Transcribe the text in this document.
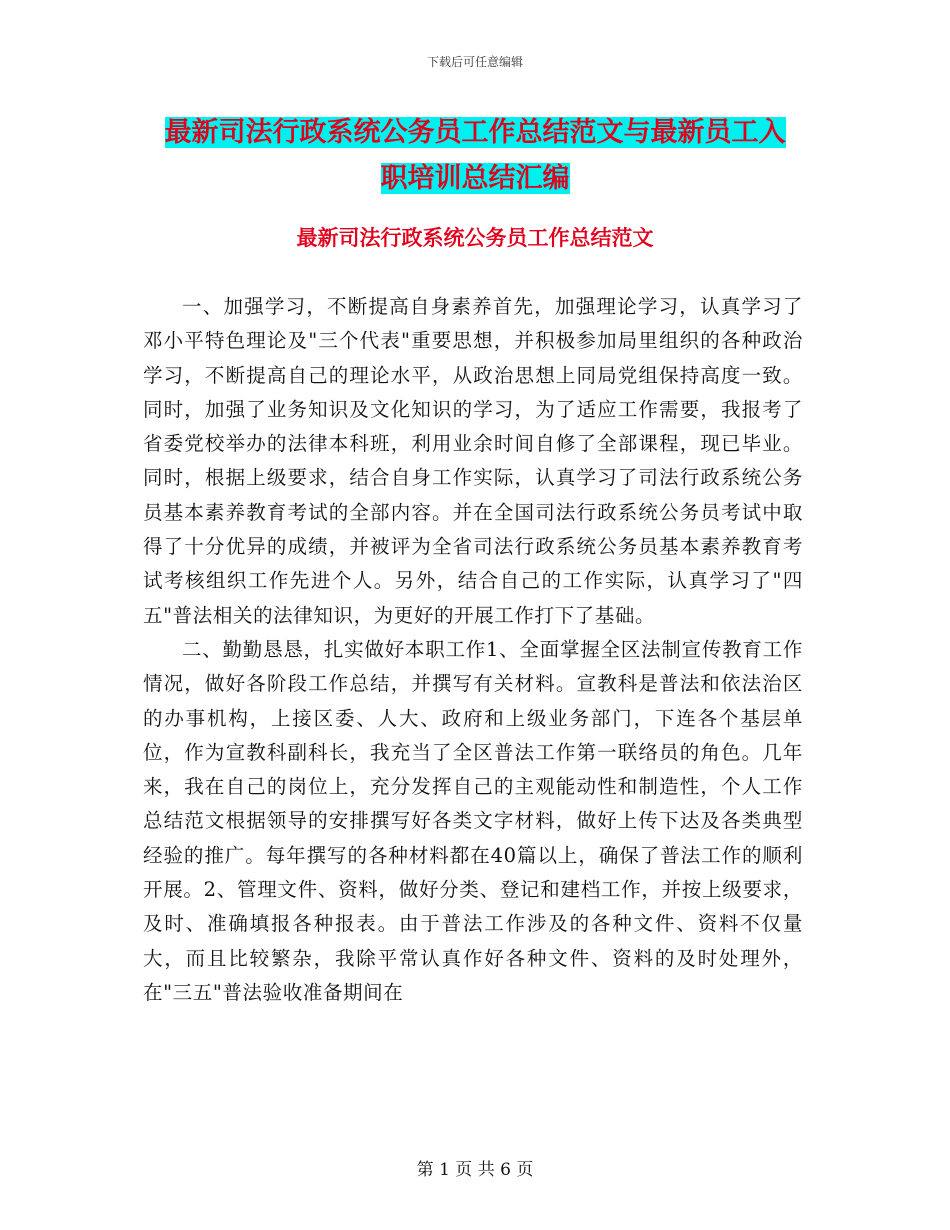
下载后可任意编辑
最新司法行政系统公务员工作总结范文与最新员工入
职培训总结汇编
最新司法行政系统公务员工作总结范文

一、加强学习，不断提高自身素养首先，加强理论学习，认真学习了邓小平特色理论及"三个代表"重要思想，并积极参加局里组织的各种政治学习，不断提高自己的理论水平，从政治思想上同局党组保持高度一致。同时，加强了业务知识及文化知识的学习，为了适应工作需要，我报考了省委党校举办的法律本科班，利用业余时间自修了全部课程，现已毕业。同时，根据上级要求，结合自身工作实际，认真学习了司法行政系统公务员基本素养教育考试的全部内容。并在全国司法行政系统公务员考试中取得了十分优异的成绩，并被评为全省司法行政系统公务员基本素养教育考试考核组织工作先进个人。另外，结合自己的工作实际，认真学习了"四五"普法相关的法律知识，为更好的开展工作打下了基础。

二、勤勤恳恳，扎实做好本职工作1、全面掌握全区法制宣传教育工作情况，做好各阶段工作总结，并撰写有关材料。宣教科是普法和依法治区的办事机构，上接区委、人大、政府和上级业务部门，下连各个基层单位，作为宣教科副科长，我充当了全区普法工作第一联络员的角色。几年来，我在自己的岗位上，充分发挥自己的主观能动性和制造性，个人工作总结范文根据领导的安排撰写好各类文字材料，做好上传下达及各类典型经验的推广。每年撰写的各种材料都在40篇以上，确保了普法工作的顺利开展。2、管理文件、资料，做好分类、登记和建档工作，并按上级要求，及时、准确填报各种报表。由于普法工作涉及的各种文件、资料不仅量大，而且比较繁杂，我除平常认真作好各种文件、资料的及时处理外，在"三五"普法验收准备期间在

第 1 页 共 6 页
